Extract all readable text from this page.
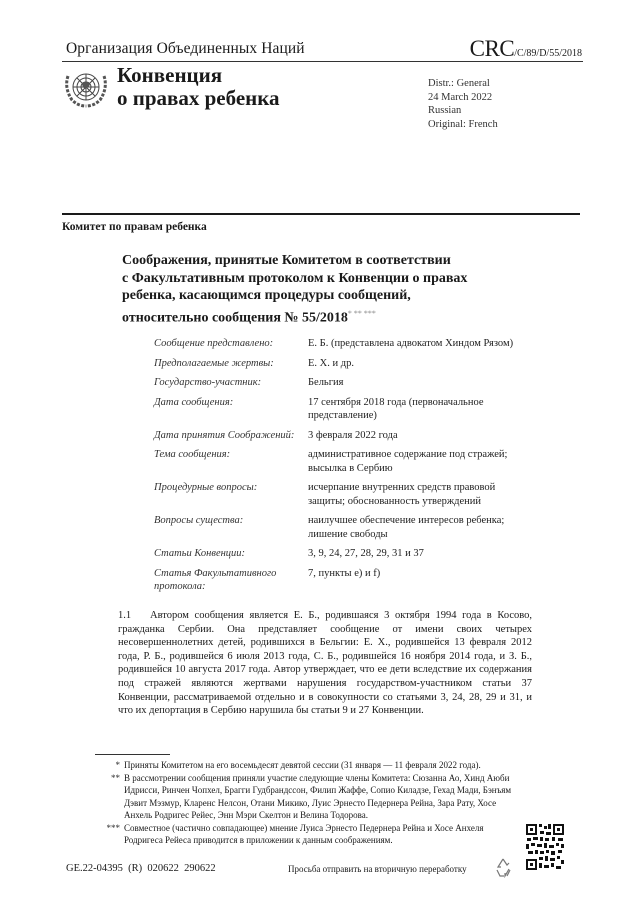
Организация Объединенных Наций	CRC/C/89/D/55/2018
Конвенция
о правах ребенка
Distr.: General
24 March 2022
Russian
Original: French
Комитет по правам ребенка
Соображения, принятые Комитетом в соответствии
с Факультативным протоколом к Конвенции о правах
ребенка, касающимся процедуры сообщений,
относительно сообщения № 55/2018* ** ***
Сообщение представлено:	Е. Б. (представлена адвокатом Хиндом Рязом)
Предполагаемые жертвы:	Е. Х. и др.
Государство-участник:	Бельгия
Дата сообщения:	17 сентября 2018 года (первоначальное представление)
Дата принятия Соображений:	3 февраля 2022 года
Тема сообщения:	административное содержание под стражей; высылка в Сербию
Процедурные вопросы:	исчерпание внутренних средств правовой защиты; обоснованность утверждений
Вопросы существа:	наилучшее обеспечение интересов ребенка; лишение свободы
Статьи Конвенции:	3, 9, 24, 27, 28, 29, 31 и 37
Статья Факультативного протокола:
7, пункты e) и f)
1.1 Автором сообщения является Е. Б., родившаяся 3 октября 1994 года в Косово, гражданка Сербии. Она представляет сообщение от имени своих четырех несовершеннолетних детей, родившихся в Бельгии: Е. Х., родившейся 13 февраля 2012 года, Р. Б., родившейся 6 июля 2013 года, С. Б., родившейся 16 ноября 2014 года, и З. Б., родившейся 10 августа 2017 года. Автор утверждает, что ее дети вследствие их содержания под стражей являются жертвами нарушения государством-участником статьи 37 Конвенции, рассматриваемой отдельно и в совокупности со статьями 3, 24, 28, 29 и 31, и что их депортация в Сербию нарушила бы статьи 9 и 27 Конвенции.
* Приняты Комитетом на его восемьдесят девятой сессии (31 января — 11 февраля 2022 года).
** В рассмотрении сообщения приняли участие следующие члены Комитета: Сюзанна Ао, Хинд Аюби Идрисси, Ринчен Чопхел, Брагги Гудбрандссон, Филип Жаффе, Сопио Киладзе, Гехад Мади, Бэнъям Дэвит Мэзмур, Кларенс Нелсон, Отани Микико, Луис Эрнесто Педернера Рейна, Зара Рату, Хосе Анхель Родригес Рейес, Энн Мэри Скелтон и Велина Тодорова.
*** Совместное (частично совпадающее) мнение Луиса Эрнесто Педернера Рейна и Хосе Анхеля Родригеса Рейеса приводится в приложении к данным соображениям.
GE.22-04395  (R)  020622  290622	Просьба отправить на вторичную переработку
